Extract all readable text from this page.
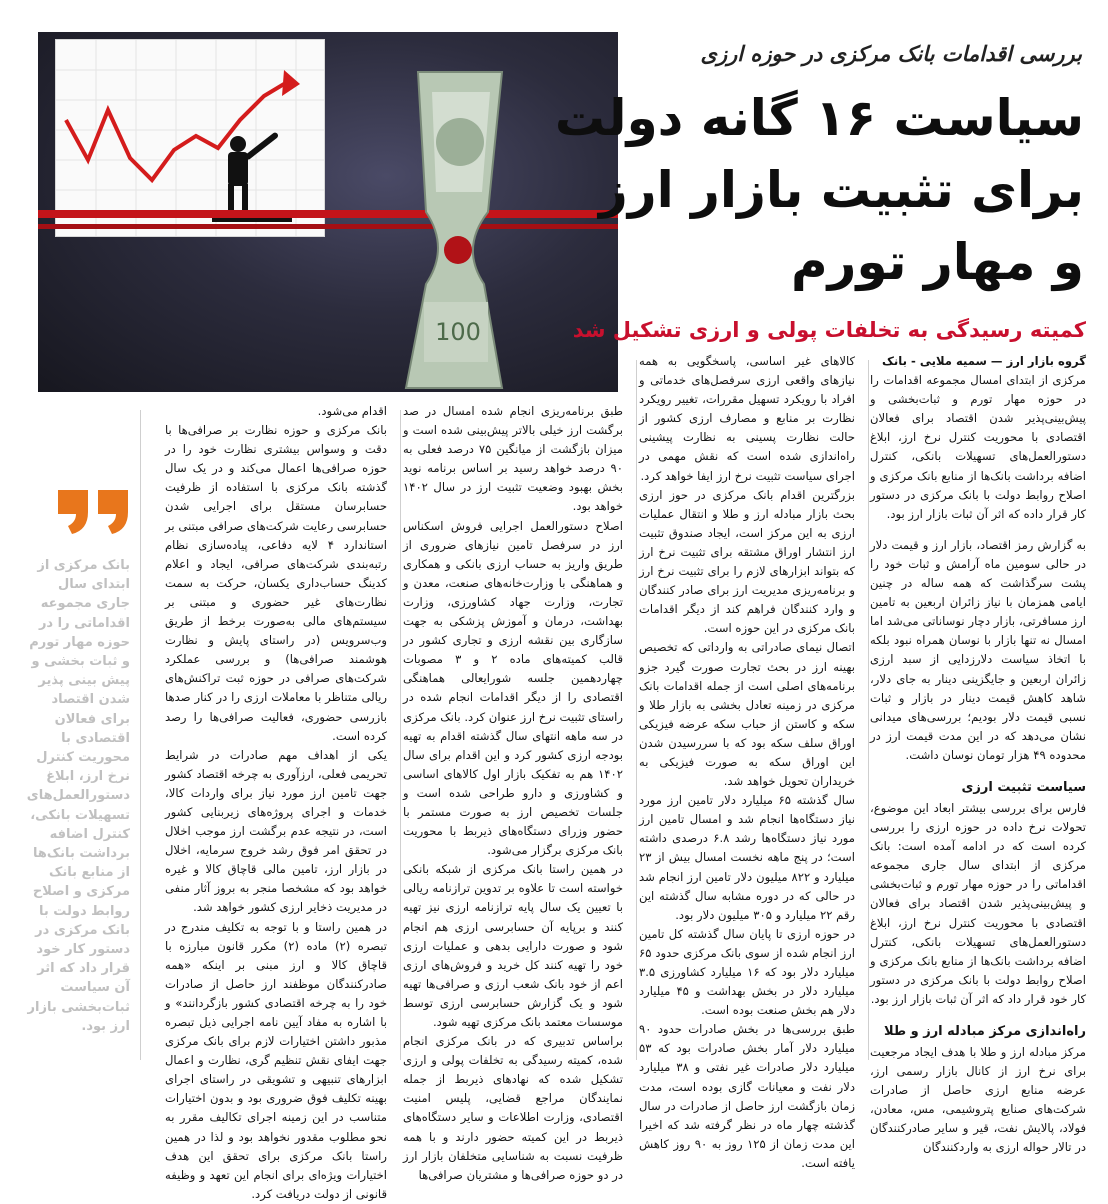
100
بررسی اقدامات بانک مرکزی در حوزه ارزی
سیاست ۱۶ گانه دولت
برای تثبیت بازار ارز
و مهار تورم
کمیته رسیدگی به تخلفات پولی و ارزی تشکیل شد

گروه بازار ارز — سمیه ملایی - بانک

مرکزی از ابتدای امسال مجموعه اقدامات را در حوزه مهار تورم و ثبات‌بخشی و پیش‌بینی‌پذیر شدن اقتصاد برای فعالان اقتصادی با محوریت کنترل نرخ ارز، ابلاغ دستورالعمل‌های تسهیلات بانکی، کنترل اضافه برداشت بانک‌ها از منابع بانک مرکزی و اصلاح روابط دولت با بانک مرکزی در دستور کار قرار داده که اثر آن ثبات بازار ارز بود.

به گزارش رمز اقتصاد، بازار ارز و قیمت دلار در حالی سومین ماه آرامش و ثبات خود را پشت سرگذاشت که همه ساله در چنین ایامی همزمان با نیاز زائران اربعین به تامین ارز مسافرتی، بازار دچار نوساناتی می‌شد اما امسال نه تنها بازار با نوسان همراه نبود بلکه با اتخاذ سیاست دلارزدایی از سبد ارزی زائران اربعین و جایگزینی دینار به جای دلار، شاهد کاهش قیمت دینار در بازار و ثبات نسبی قیمت دلار بودیم؛ بررسی‌های میدانی نشان می‌دهد که در این مدت قیمت ارز در محدوده ۴۹ هزار تومان نوسان داشت.

سیاست تثبیت ارزی

فارس برای بررسی بیشتر ابعاد این موضوع، تحولات نرخ داده در حوزه ارزی را بررسی کرده است که در ادامه آمده است: بانک مرکزی از ابتدای سال جاری مجموعه اقداماتی را در حوزه مهار تورم و ثبات‌بخشی و پیش‌بینی‌پذیر شدن اقتصاد برای فعالان اقتصادی با محوریت کنترل نرخ ارز، ابلاغ دستورالعمل‌های تسهیلات بانکی، کنترل اضافه برداشت بانک‌ها از منابع بانک مرکزی و اصلاح روابط دولت با بانک مرکزی در دستور کار خود قرار داد که اثر آن ثبات بازار ارز بود.

راه‌اندازی مرکز مبادله ارز و طلا

مرکز مبادله ارز و طلا با هدف ایجاد مرجعیت برای نرخ ارز از کانال بازار رسمی ارز، عرضه منابع ارزی حاصل از صادرات شرکت‌های صنایع پتروشیمی، مس، معادن، فولاد، پالایش نفت، قیر و سایر صادرکنندگان در تالار حواله ارزی به واردکنندگان

کالاهای غیر اساسی، پاسخگویی به همه نیازهای واقعی ارزی سرفصل‌های خدماتی و افراد با رویکرد تسهیل مقررات، تغییر رویکرد نظارت بر منابع و مصارف ارزی کشور از حالت نظارت پسینی به نظارت پیشینی راه‌اندازی شده است که نقش مهمی در اجرای سیاست تثبیت نرخ ارز ایفا خواهد کرد.

بزرگترین اقدام بانک مرکزی در حوز ارزی بحث بازار مبادله ارز و طلا و انتقال عملیات ارزی به این مرکز است، ایجاد صندوق تثبیت ارز انتشار اوراق مشتقه برای تثبیت نرخ ارز که بتواند ابزارهای لازم را برای تثبیت نرخ ارز و برنامه‌ریزی مدیریت ارز برای صادر کنندگان و وارد کنندگان فراهم کند از دیگر اقدامات بانک مرکزی در این حوزه است.

اتصال نیمای صادراتی به وارداتی که تخصیص بهینه ارز در بحث تجارت صورت گیرد جزو برنامه‌های اصلی است از جمله اقدامات بانک مرکزی در زمینه تعادل بخشی به بازار طلا و سکه و کاستن از حباب سکه عرضه فیزیکی اوراق سلف سکه بود که با سررسیدن شدن این اوراق سکه به صورت فیزیکی به خریداران تحویل خواهد شد.

سال گذشته ۶۵ میلیارد دلار تامین ارز مورد نیاز دستگاه‌ها انجام شد و امسال تامین ارز مورد نیاز دستگاه‌ها رشد ۶.۸ درصدی داشته است؛ در پنج ماهه نخست امسال بیش از ۲۳ میلیارد و ۸۲۲ میلیون دلار تامین ارز انجام شد در حالی که در دوره مشابه سال گذشته این رقم ۲۲ میلیارد و ۳۰۵ میلیون دلار بود.

در حوزه ارزی تا پایان سال گذشته کل تامین ارز انجام شده از سوی بانک مرکزی حدود ۶۵ میلیارد دلار بود که ۱۶ میلیارد کشاورزی ۳.۵ میلیارد دلار در بخش بهداشت و ۴۵ میلیارد دلار هم بخش صنعت بوده است.

طبق بررسی‌ها در بخش صادرات حدود ۹۰ میلیارد دلار آمار بخش صادرات بود که ۵۳ میلیارد دلار صادرات غیر نفتی و ۳۸ میلیارد دلار نفت و معیانات گازی بوده است، مدت زمان بازگشت ارز حاصل از صادرات در سال گذشته چهار ماه در نظر گرفته شد که اخیرا این مدت زمان از ۱۲۵ روز به ۹۰ روز کاهش یافته است.

طبق برنامه‌ریزی انجام شده امسال در صد برگشت ارز خیلی بالاتر پیش‌بینی شده است و میزان بازگشت از میانگین ۷۵ درصد فعلی به ۹۰ درصد خواهد رسید بر اساس برنامه نوید بخش بهبود وضعیت تثبیت ارز در سال ۱۴۰۲ خواهد بود.

اصلاح دستورالعمل اجرایی فروش اسکناس ارز در سرفصل تامین نیازهای ضروری از طریق واریز به حساب ارزی بانکی و همکاری و هماهنگی با وزارت‌خانه‌های صنعت، معدن و تجارت، وزارت جهاد کشاورزی، وزارت بهداشت، درمان و آموزش پزشکی به جهت سازگاری بین نقشه ارزی و تجاری کشور در قالب کمیته‌های ماده ۲ و ۳ مصوبات چهاردهمین جلسه شورایعالی هماهنگی اقتصادی را از دیگر اقدامات انجام شده در راستای تثبیت نرخ ارز عنوان کرد. بانک مرکزی در سه ماهه انتهای سال گذشته اقدام به تهیه بودجه ارزی کشور کرد و این اقدام برای سال ۱۴۰۲ هم به تفکیک بازار اول کالاهای اساسی و کشاورزی و دارو طراحی شده است و جلسات تخصیص ارز به صورت مستمر با حضور وزرای دستگاه‌های ذیربط با محوریت بانک مرکزی برگزار می‌شود.

در همین راستا بانک مرکزی از شبکه بانکی خواسته است تا علاوه بر تدوین ترازنامه ریالی با تعیین یک سال پایه ترازنامه ارزی نیز تهیه کنند و برپایه آن حسابرسی ارزی هم انجام شود و صورت دارایی بدهی و عملیات ارزی خود را تهیه کنند کل خرید و فروش‌های ارزی اعم از خود بانک شعب ارزی و صرافی‌ها تهیه شود و یک گزارش حسابرسی ارزی توسط موسسات معتمد بانک مرکزی تهیه شود.

براساس تدبیری که در بانک مرکزی انجام شده، کمیته رسیدگی به تخلفات پولی و ارزی تشکیل شده که نهادهای ذیربط از جمله نمایندگان مراجع قضایی، پلیس امنیت اقتصادی، وزارت اطلاعات و سایر دستگاه‌های ذیربط در این کمیته حضور دارند و با همه ظرفیت نسبت به شناسایی متخلفان بازار ارز در دو حوزه صرافی‌ها و مشتریان صرافی‌ها

اقدام می‌شود.

بانک مرکزی و حوزه نظارت بر صرافی‌ها با دقت و وسواس بیشتری نظارت خود را در حوزه صرافی‌ها اعمال می‌کند و در یک سال گذشته بانک مرکزی با استفاده از ظرفیت حسابرسان مستقل برای اجرایی شدن حسابرسی رعایت شرکت‌های صرافی مبتنی بر استاندارد ۴ لایه دفاعی، پیاده‌سازی نظام رتبه‌بندی شرکت‌های صرافی، ایجاد و اعلام کدینگ حساب‌داری یکسان، حرکت به سمت نظارت‌های غیر حضوری و مبتنی بر سیستم‌های مالی به‌صورت برخط از طریق وب‌سرویس (در راستای پایش و نظارت هوشمند صرافی‌ها) و بررسی عملکرد شرکت‌های صرافی در حوزه ثبت تراکنش‌های ریالی متناظر با معاملات ارزی را در کنار صدها بازرسی حضوری، فعالیت صرافی‌ها را رصد کرده است.

یکی از اهداف مهم صادرات در شرایط تحریمی فعلی، ارزآوری به چرخه اقتصاد کشور جهت تامین ارز مورد نیاز برای واردات کالا، خدمات و اجرای پروژه‌های زیربنایی کشور است، در نتیجه عدم برگشت ارز موجب اخلال در تحقق امر فوق رشد خروج سرمایه، اخلال در بازار ارز، تامین مالی قاچاق کالا و غیره خواهد بود که مشخصا منجر به بروز آثار منفی در مدیریت ذخایر ارزی کشور خواهد شد.

در همین راستا و با توجه به تکلیف مندرج در تبصره (۲) ماده (۲) مکرر قانون مبارزه با قاچاق کالا و ارز مبنی بر اینکه «همه صادرکنندگان موظفند ارز حاصل از صادرات خود را به چرخه اقتصادی کشور بازگردانند» و با اشاره به مفاد آیین نامه اجرایی ذیل تبصره مذبور داشتن اختیارات لازم برای بانک مرکزی جهت ایفای نقش تنظیم گری، نظارت و اعمال ابزارهای تنبیهی و تشویقی در راستای اجرای بهینه تکلیف فوق ضروری بود و بدون اختیارات متناسب در این زمینه اجرای تکالیف مقرر به نحو مطلوب مقدور نخواهد بود و لذا در همین راستا بانک مرکزی برای تحقق این هدف اختیارات ویژه‌ای برای انجام این تعهد و وظیفه قانونی از دولت دریافت کرد.

بانک مرکزی از ابتدای سال جاری مجموعه اقداماتی را در حوزه مهار تورم و ثبات بخشی و پیش بینی پذیر شدن اقتصاد برای فعالان اقتصادی با محوریت کنترل نرخ ارز، ابلاغ دستورالعمل‌های تسهیلات بانکی، کنترل اضافه برداشت بانک‌ها از منابع بانک مرکزی و اصلاح روابط دولت با بانک مرکزی در دستور کار خود قرار داد که اثر آن سیاست ثبات‌بخشی بازار ارز بود.
